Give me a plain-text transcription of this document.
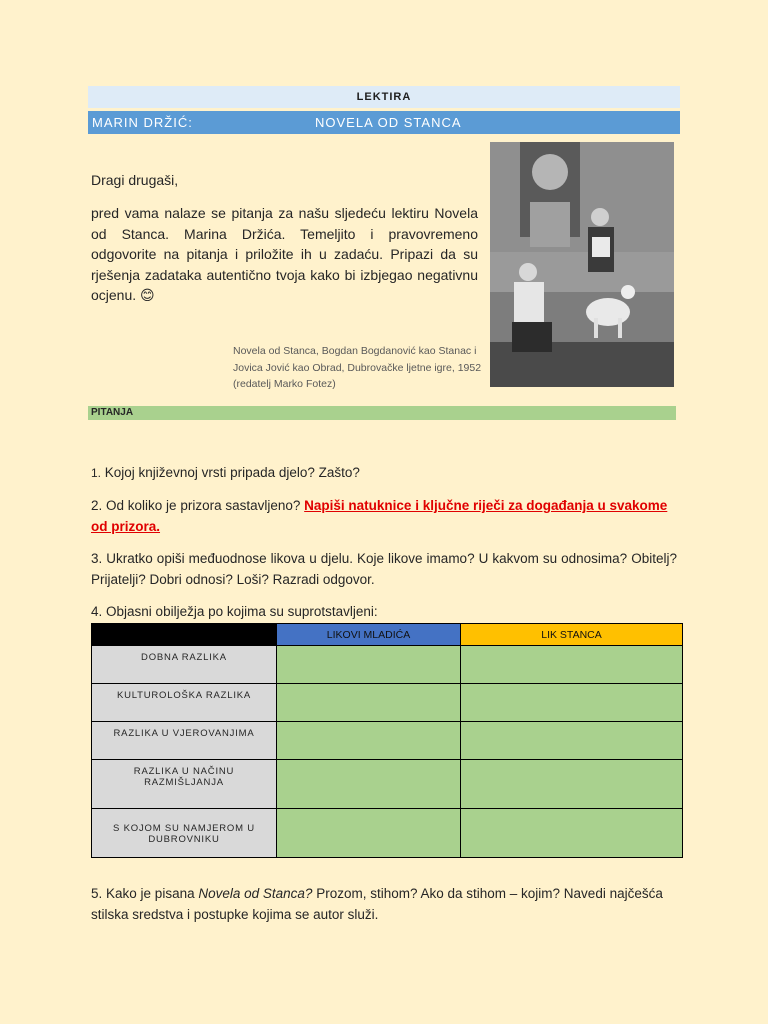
LEKTIRA
MARIN DRŽIĆ:	NOVELA OD STANCA
Dragi drugaši,
pred vama nalaze se pitanja za našu sljedeću lektiru Novela od Stanca. Marina Držića. Temeljito i pravovremeno odgovorite na pitanja i priložite ih u zadaću. Pripazi da su rješenja zadataka autentično tvoja kako bi izbjegao negativnu ocjenu. 😊
Novela od Stanca, Bogdan Bogdanović kao Stanac i Jovica Jović kao Obrad, Dubrovačke ljetne igre, 1952 (redatelj Marko Fotez)
PITANJA
1. Kojoj književnoj vrsti pripada djelo? Zašto?
2. Od koliko je prizora sastavljeno? Napiši natuknice i ključne riječi za događanja u svakome od prizora.
3. Ukratko opiši međuodnose likova u djelu. Koje likove imamo? U kakvom su odnosima? Obitelj? Prijatelji? Dobri odnosi? Loši? Razradi odgovor.
4. Objasni obilježja po kojima su suprotstavljeni:
	LIKOVI MLADIĆA	LIK STANCA
DOBNA RAZLIKA		
KULTUROLOŠKA RAZLIKA		
RAZLIKA U VJEROVANJIMA		
RAZLIKA U NAČINU RAZMIŠLJANJA		
S KOJOM SU NAMJEROM U DUBROVNIKU		
5. Kako je pisana Novela od Stanca? Prozom, stihom? Ako da stihom – kojim? Navedi najčešća stilska sredstva i postupke kojima se autor služi.
